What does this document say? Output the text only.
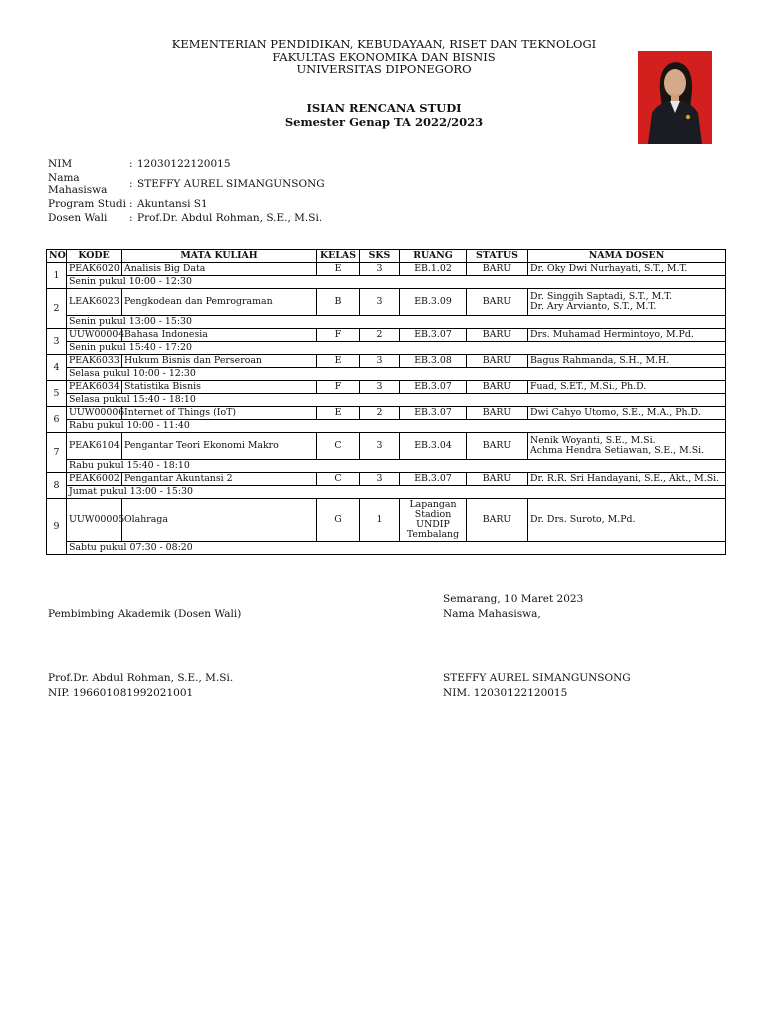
KEMENTERIAN PENDIDIKAN, KEBUDAYAAN, RISET DAN TEKNOLOGI
FAKULTAS EKONOMIKA DAN BISNIS
UNIVERSITAS DIPONEGORO
ISIAN RENCANA STUDI
Semester Genap TA 2022/2023
NIM	:	12030122120015
Nama Mahasiswa	:	STEFFY AUREL SIMANGUNSONG
Program Studi	:	Akuntansi S1
Dosen Wali	:	Prof.Dr. Abdul Rohman, S.E., M.Si.
NO	KODE	MATA KULIAH	KELAS	SKS	RUANG	STATUS	NAMA DOSEN
1	PEAK6020	Analisis Big Data	E	3	EB.1.02	BARU	Dr. Oky Dwi Nurhayati, S.T., M.T.
	Senin pukul 10:00 - 12:30						
2	LEAK6023	Pengkodean dan Pemrograman	B	3	EB.3.09	BARU	Dr. Singgih Saptadi, S.T., M.T.
Dr. Ary Arvianto, S.T., M.T.
	Senin pukul 13:00 - 15:30						
3	UUW00004	Bahasa Indonesia	F	2	EB.3.07	BARU	Drs. Muhamad Hermintoyo, M.Pd.
	Senin pukul 15:40 - 17:20						
4	PEAK6033	Hukum Bisnis dan Perseroan	E	3	EB.3.08	BARU	Bagus Rahmanda, S.H., M.H.
	Selasa pukul 10:00 - 12:30						
5	PEAK6034	Statistika Bisnis	F	3	EB.3.07	BARU	Fuad, S.ET., M.Si., Ph.D.
	Selasa pukul 15:40 - 18:10						
6	UUW00006	Internet of Things (IoT)	E	2	EB.3.07	BARU	Dwi Cahyo Utomo, S.E., M.A., Ph.D.
	Rabu pukul 10:00 - 11:40						
7	PEAK6104	Pengantar Teori Ekonomi Makro	C	3	EB.3.04	BARU	Nenik Woyanti, S.E., M.Si.
Achma Hendra Setiawan, S.E., M.Si.
	Rabu pukul 15:40 - 18:10						
8	PEAK6002	Pengantar Akuntansi 2	C	3	EB.3.07	BARU	Dr. R.R. Sri Handayani, S.E., Akt., M.Si.
	Jumat pukul 13:00 - 15:30						
9	UUW00005	Olahraga	G	1	Lapangan
Stadion
UNDIP
Tembalang	BARU	Dr. Drs. Suroto, M.Pd.
	Sabtu pukul 07:30 - 08:20						
Pembimbing Akademik (Dosen Wali)
Prof.Dr. Abdul Rohman, S.E., M.Si.
NIP. 196601081992021001
Semarang, 10 Maret 2023
Nama Mahasiswa,
STEFFY AUREL SIMANGUNSONG
NIM. 12030122120015
